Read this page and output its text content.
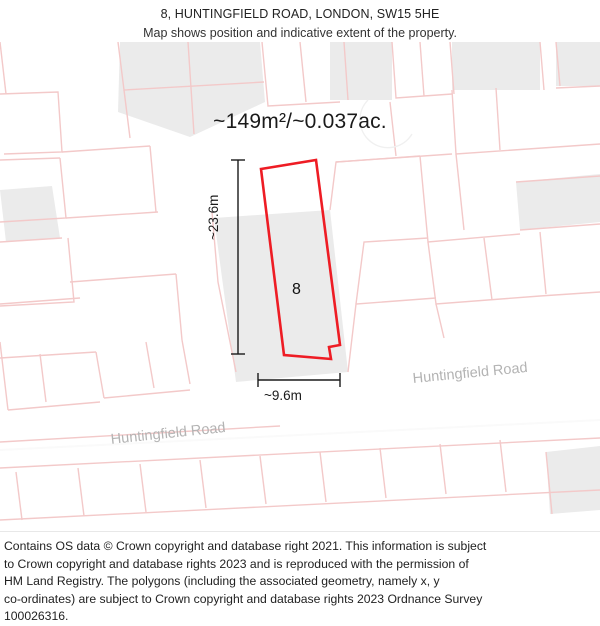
8, HUNTINGFIELD ROAD, LONDON, SW15 5HE
Map shows position and indicative extent of the property.
~149m²/~0.037ac.
8
~23.6m
~9.6m
Huntingfield Road
Huntingfield Road
Contains OS data © Crown copyright and database right 2021. This information is subject
to Crown copyright and database rights 2023 and is reproduced with the permission of
HM Land Registry. The polygons (including the associated geometry, namely x, y
co-ordinates) are subject to Crown copyright and database rights 2023 Ordnance Survey
100026316.
